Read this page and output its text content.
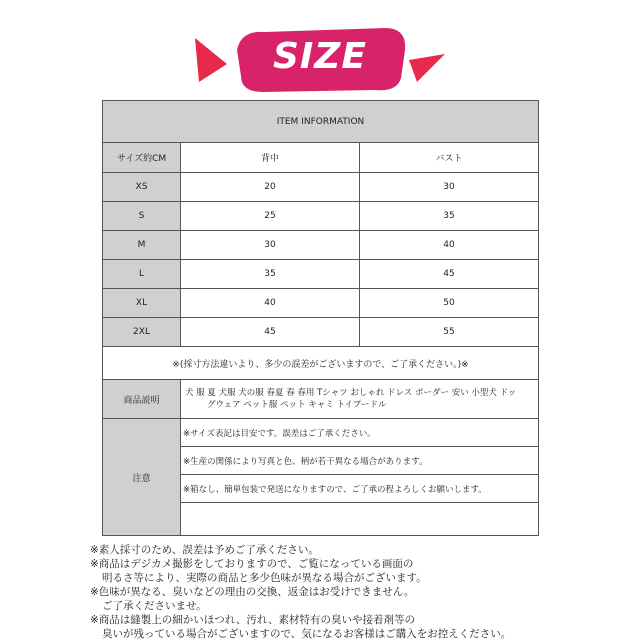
SIZE
ITEM INFORMATION		
サイズ約CM	背中	バスト
XS	20	30
S	25	35
M	30	40
L	35	45
XL	40	50
2XL	45	55
※(採寸方法違いより、多少の誤差がございますので、ご了承ください。)※		
商品説明	犬 服 夏 犬服 犬の服 春夏 春 春用 Tシャツ おしゃれ ドレス ボーダー 安い 小型犬 ドッ
グウェア ペット服 ペット キャミ トイプードル	

注意	※サイズ表記は目安です。誤差はご了承ください。
※生産の関係により写真と色、柄が若干異なる場合があります。
※箱なし、簡単包装で発送になりますので、ご了承の程よろしくお願いします。	
※素人採寸のため、誤差は予めご了承ください。
※商品はデジカメ撮影をしておりますので、ご覧になっている画面の
明るさ等により、実際の商品と多少色味が異なる場合がございます。
※色味が異なる、臭いなどの理由の交換、返金はお受けできません。
ご了承くださいませ。
※商品は縫製上の細かいほつれ、汚れ、素材特有の臭いや接着剤等の
臭いが残っている場合がございますので、気になるお客様はご購入をお控えください。
